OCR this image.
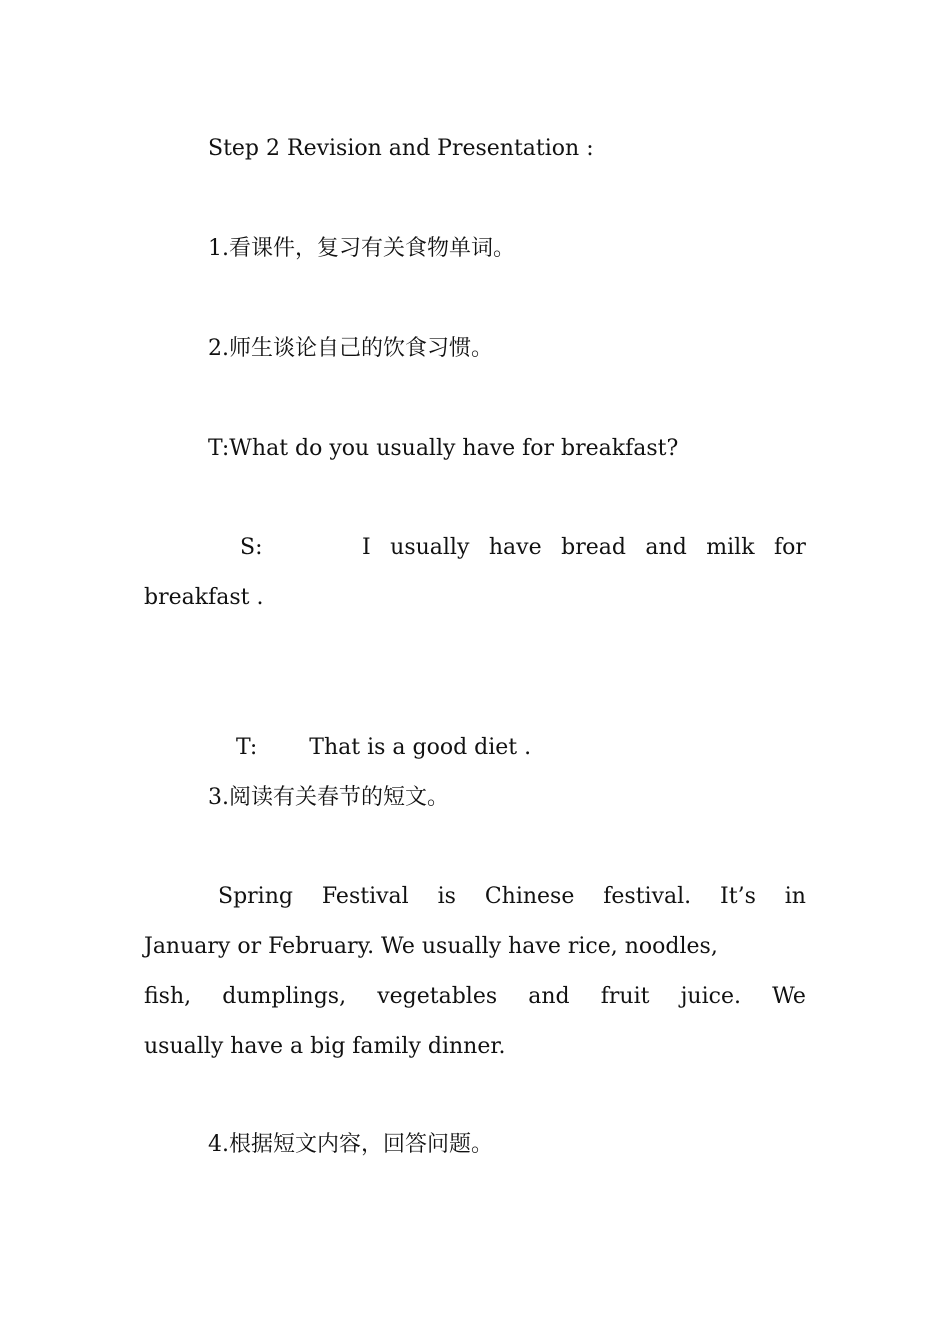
Step 2 Revision and Presentation :

1.看课件，复习有关食物单词。

2.师生谈论自己的饮食习惯。

T:What do you usually have for breakfast?

S:	I usually have bread and milk for

breakfast .

T: That is a good diet .

3.阅读有关春节的短文。

Spring Festival is Chinese festival. It’s in

January or February. We usually have rice, noodles,

fish, dumplings, vegetables and fruit juice. We

usually have a big family dinner.

4.根据短文内容，回答问题。
